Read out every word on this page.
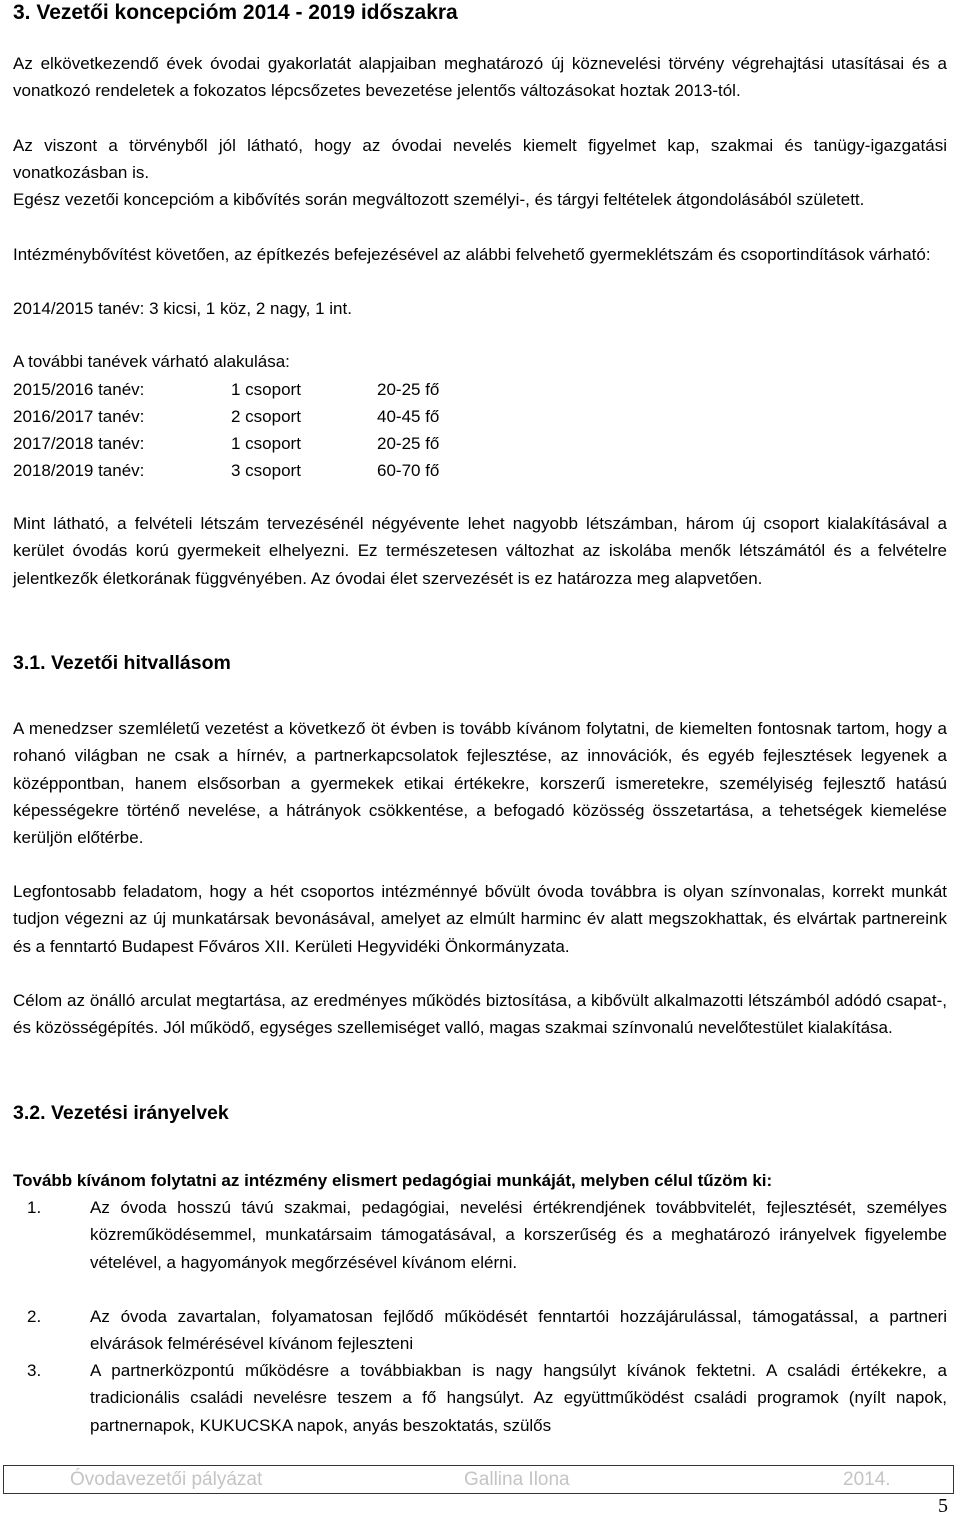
3. Vezetői koncepcióm 2014 - 2019 időszakra
Az elkövetkezendő évek óvodai gyakorlatát alapjaiban meghatározó új köznevelési törvény végrehajtási utasításai és a vonatkozó rendeletek a fokozatos lépcsőzetes bevezetése jelentős változásokat hoztak 2013-tól.
Az viszont a törvényből jól látható, hogy az óvodai nevelés kiemelt figyelmet kap, szakmai és tanügy-igazgatási vonatkozásban is.
Egész vezetői koncepcióm a kibővítés során megváltozott személyi-, és tárgyi feltételek átgondolásából született.
Intézménybővítést követően, az építkezés befejezésével az alábbi felvehető gyermeklétszám és csoportindítások várható:
2014/2015 tanév: 3 kicsi, 1 köz, 2 nagy, 1 int.
A további tanévek várható alakulása:
2015/2016 tanév:	1 csoport	20-25 fő
2016/2017 tanév:	2 csoport	40-45 fő
2017/2018 tanév:	1 csoport	20-25 fő
2018/2019 tanév:	3 csoport	60-70 fő
Mint látható, a felvételi létszám tervezésénél négyévente lehet nagyobb létszámban, három új csoport kialakításával a kerület óvodás korú gyermekeit elhelyezni. Ez természetesen változhat az iskolába menők létszámától és a felvételre jelentkezők életkorának függvényében. Az óvodai élet szervezését is ez határozza meg alapvetően.
3.1. Vezetői hitvallásom
A menedzser szemléletű vezetést a következő öt évben is tovább kívánom folytatni, de kiemelten fontosnak tartom, hogy a rohanó világban ne csak a hírnév, a partnerkapcsolatok fejlesztése, az innovációk, és egyéb fejlesztések legyenek a középpontban, hanem elsősorban a gyermekek etikai értékekre, korszerű ismeretekre, személyiség fejlesztő hatású képességekre történő nevelése, a hátrányok csökkentése, a befogadó közösség összetartása, a tehetségek kiemelése kerüljön előtérbe.
Legfontosabb feladatom, hogy a hét csoportos intézménnyé bővült óvoda továbbra is olyan színvonalas, korrekt munkát tudjon végezni az új munkatársak bevonásával, amelyet az elmúlt harminc év alatt megszokhattak, és elvártak partnereink és a fenntartó Budapest Főváros XII. Kerületi Hegyvidéki Önkormányzata.
Célom az önálló arculat megtartása, az eredményes működés biztosítása, a kibővült alkalmazotti létszámból adódó csapat-, és közösségépítés. Jól működő, egységes szellemiséget valló, magas szakmai színvonalú nevelőtestület kialakítása.
3.2. Vezetési irányelvek
Tovább kívánom folytatni az intézmény elismert pedagógiai munkáját, melyben célul tűzöm ki:
1.	Az óvoda hosszú távú szakmai, pedagógiai, nevelési értékrendjének továbbvitelét, fejlesztését, személyes közreműködésemmel, munkatársaim támogatásával, a korszerűség és a meghatározó irányelvek figyelembe vételével, a hagyományok megőrzésével kívánom elérni.
2.	Az óvoda zavartalan, folyamatosan fejlődő működését fenntartói hozzájárulással, támogatással, a partneri elvárások felmérésével kívánom fejleszteni
3.	A partnerközpontú működésre a továbbiakban is nagy hangsúlyt kívánok fektetni. A családi értékekre, a tradicionális családi nevelésre teszem a fő hangsúlyt. Az együttműködést családi programok (nyílt napok, partnernapok, KUKUCSKA napok, anyás beszoktatás, szülős
Óvodavezetői pályázat	Gallina Ilona	2014.
5
